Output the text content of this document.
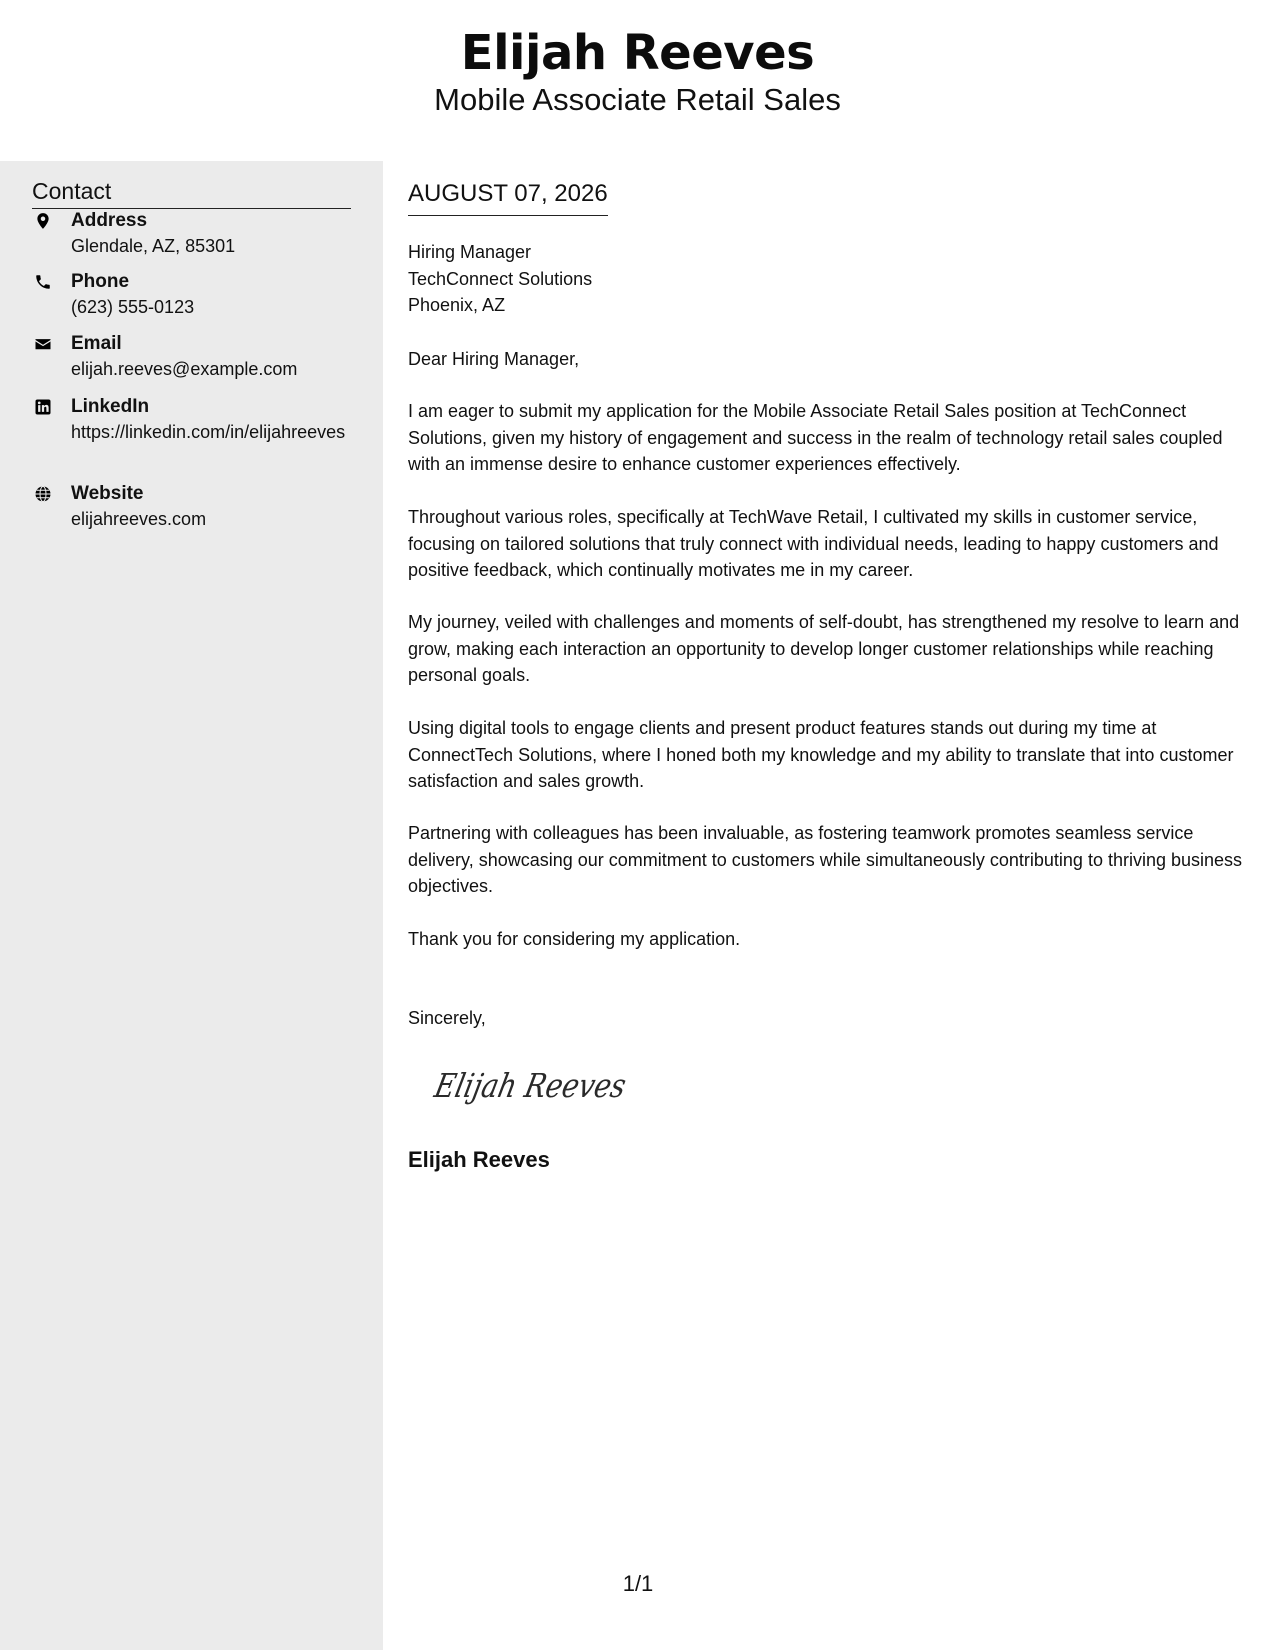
Elijah Reeves
Mobile Associate Retail Sales
Contact
Address
Glendale, AZ, 85301
Phone
(623) 555-0123
Email
elijah.reeves@example.com
LinkedIn
https://linkedin.com/in/elijahreeves
Website
elijahreeves.com
AUGUST 07, 2026
Hiring Manager
TechConnect Solutions
Phoenix, AZ
Dear Hiring Manager,

I am eager to submit my application for the Mobile Associate Retail Sales position at TechConnect Solutions, given my history of engagement and success in the realm of technology retail sales coupled with an immense desire to enhance customer experiences effectively.

Throughout various roles, specifically at TechWave Retail, I cultivated my skills in customer service, focusing on tailored solutions that truly connect with individual needs, leading to happy customers and positive feedback, which continually motivates me in my career.

My journey, veiled with challenges and moments of self-doubt, has strengthened my resolve to learn and grow, making each interaction an opportunity to develop longer customer relationships while reaching personal goals.

Using digital tools to engage clients and present product features stands out during my time at ConnectTech Solutions, where I honed both my knowledge and my ability to translate that into customer satisfaction and sales growth.

Partnering with colleagues has been invaluable, as fostering teamwork promotes seamless service delivery, showcasing our commitment to customers while simultaneously contributing to thriving business objectives.

Thank you for considering my application.

Sincerely,
Elijah Reeves
Elijah Reeves
1/1
